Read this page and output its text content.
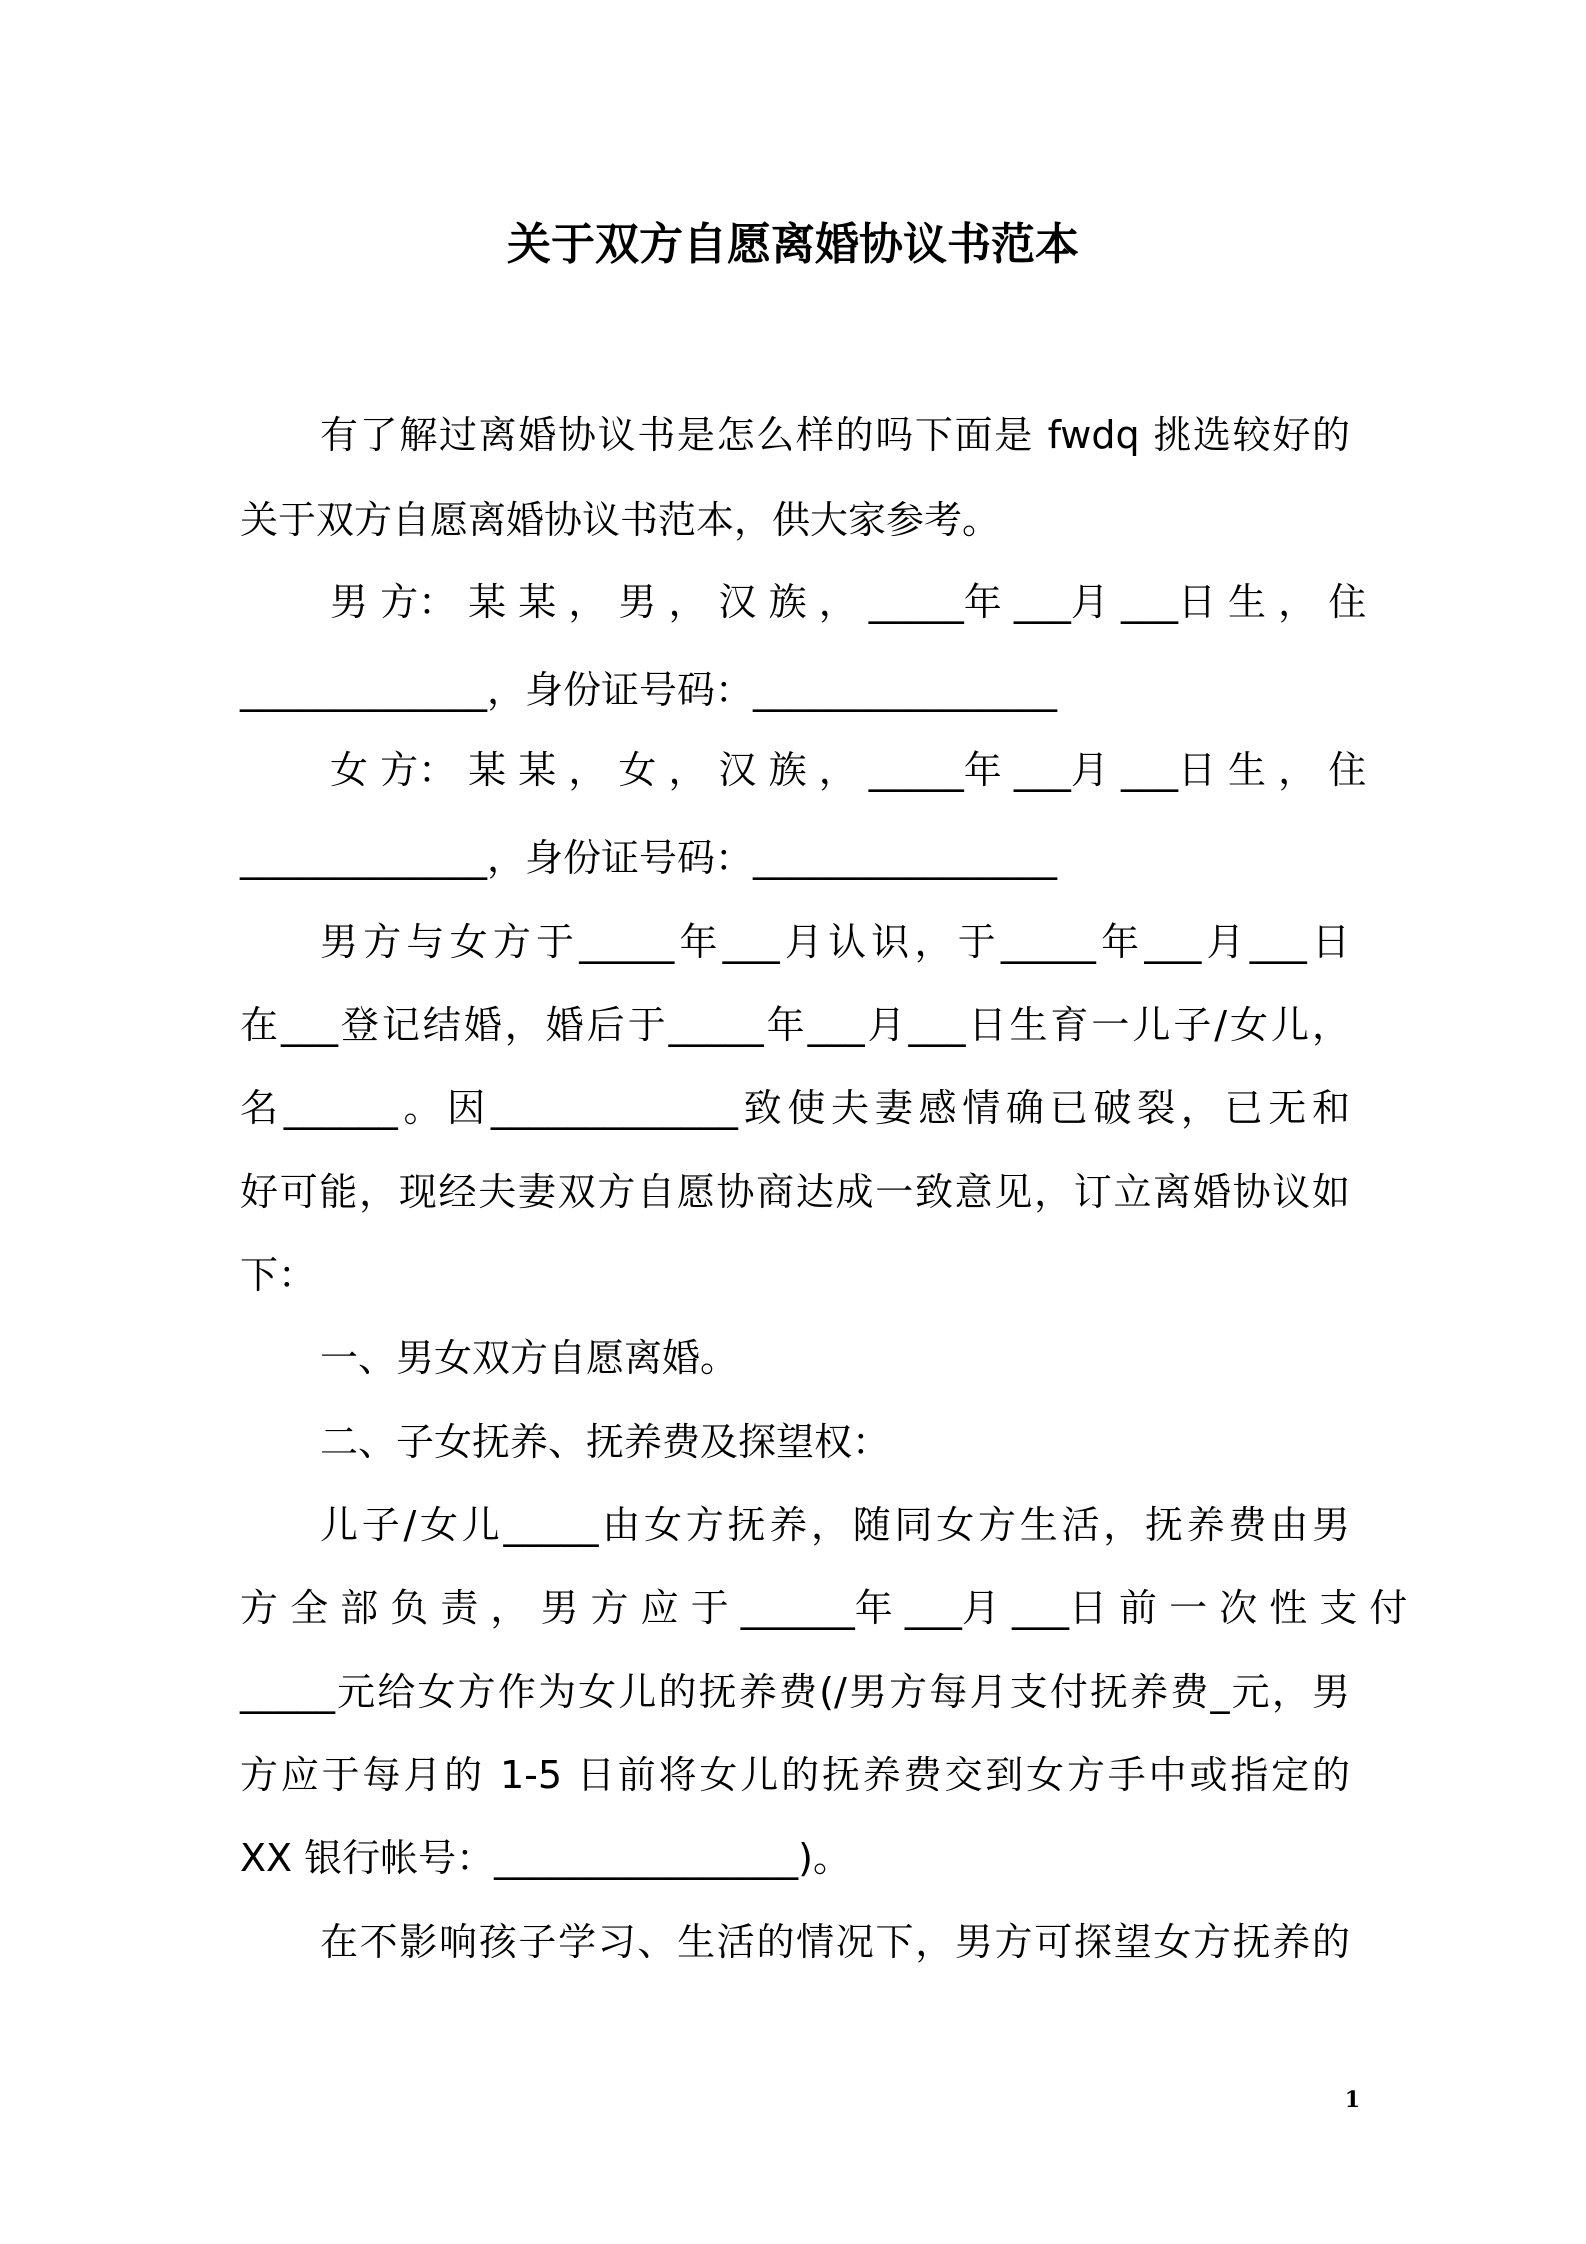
关于双方自愿离婚协议书范本
有了解过离婚协议书是怎么样的吗下面是 fwdq 挑选较好的
关于双方自愿离婚协议书范本，供大家参考。
男 方： 某 某 ， 男 ， 汉 族 ， _____年 ___月 ___日 生 ， 住
_____________，身份证号码：________________
女 方： 某 某 ， 女 ， 汉 族 ， _____年 ___月 ___日 生 ， 住
_____________，身份证号码：________________
男方与女方于_____年___月认识，于_____年___月___日
在___登记结婚，婚后于_____年___月___日生育一儿子/女儿，
名______。因_____________致使夫妻感情确已破裂，已无和
好可能，现经夫妻双方自愿协商达成一致意见，订立离婚协议如
下：
一、男女双方自愿离婚。
二、子女抚养、抚养费及探望权：
儿子/女儿_____由女方抚养，随同女方生活，抚养费由男
方 全 部 负 责 ， 男 方 应 于 ______年 ___月 ___日 前 一 次 性 支 付
_____元给女方作为女儿的抚养费(/男方每月支付抚养费_元，男
方应于每月的 1-5 日前将女儿的抚养费交到女方手中或指定的
XX 银行帐号：________________)。
在不影响孩子学习、生活的情况下，男方可探望女方抚养的
1
